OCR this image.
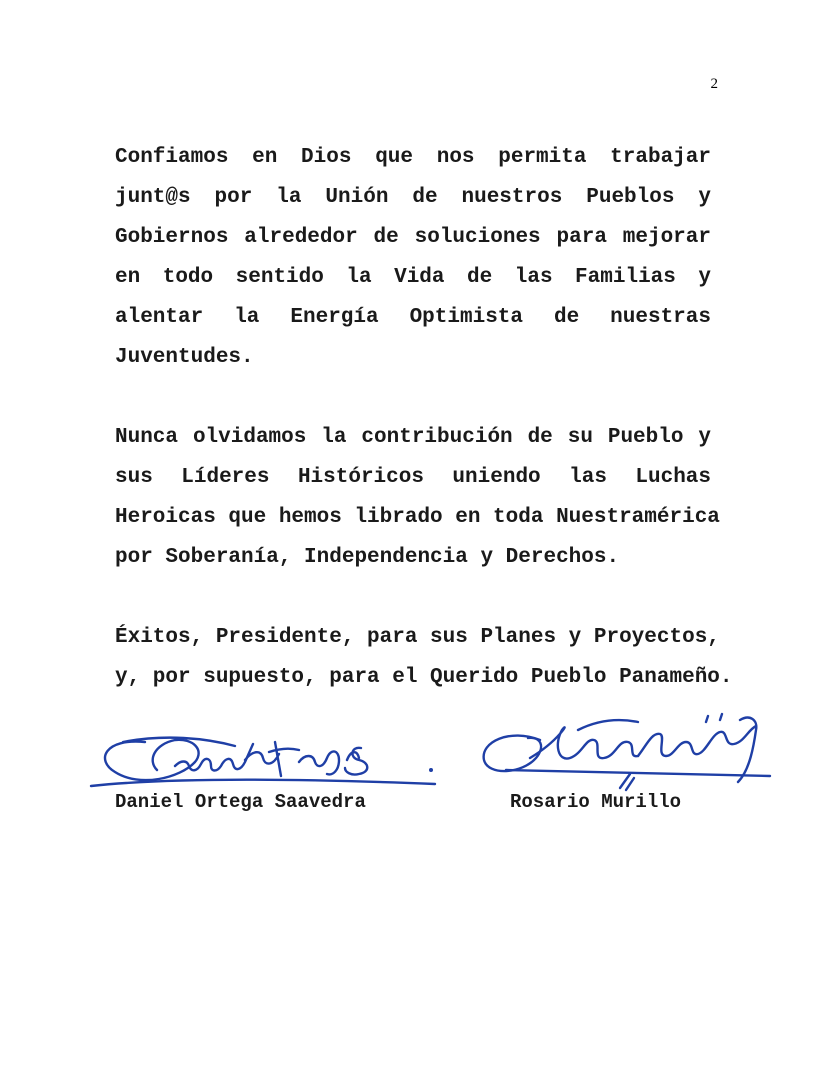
2
Confiamos en Dios que nos permita trabajar
junt@s por la Unión de nuestros Pueblos y
Gobiernos alrededor de soluciones para mejorar
en todo sentido la Vida de las Familias y
alentar la Energía Optimista de nuestras
Juventudes.
Nunca olvidamos la contribución de su Pueblo y
sus Líderes Históricos uniendo las Luchas
Heroicas que hemos librado en toda Nuestramérica
por Soberanía, Independencia y Derechos.
Éxitos, Presidente, para sus Planes y Proyectos,
y, por supuesto, para el Querido Pueblo Panameño.
Daniel Ortega Saavedra	Rosario Murillo
